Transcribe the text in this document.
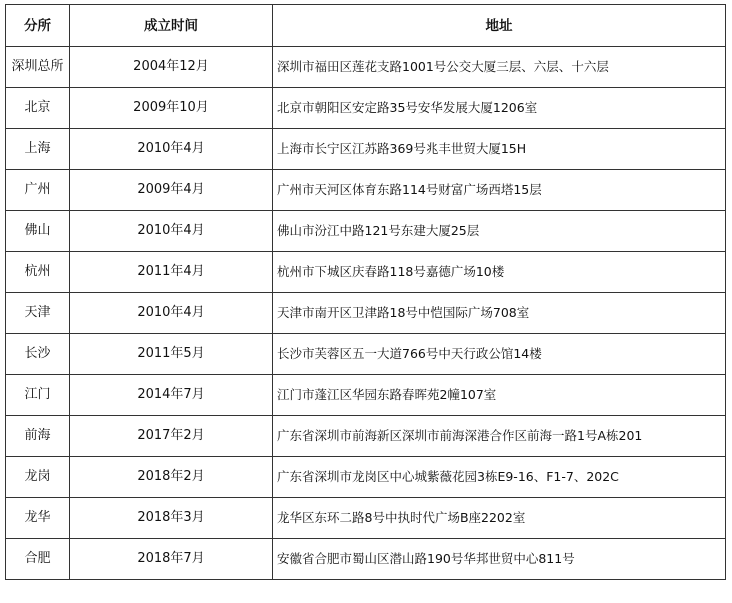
分所	成立时间	地址
深圳总所	2004年12月	深圳市福田区莲花支路1001号公交大厦三层、六层、十六层
北京	2009年10月	北京市朝阳区安定路35号安华发展大厦1206室
上海	2010年4月	上海市长宁区江苏路369号兆丰世贸大厦15H
广州	2009年4月	广州市天河区体育东路114号财富广场西塔15层
佛山	2010年4月	佛山市汾江中路121号东建大厦25层
杭州	2011年4月	杭州市下城区庆春路118号嘉德广场10楼
天津	2010年4月	天津市南开区卫津路18号中恺国际广场708室
长沙	2011年5月	长沙市芙蓉区五一大道766号中天行政公馆14楼
江门	2014年7月	江门市蓬江区华园东路春晖苑2幢107室
前海	2017年2月	广东省深圳市前海新区深圳市前海深港合作区前海一路1号A栋201
龙岗	2018年2月	广东省深圳市龙岗区中心城紫薇花园3栋E9-16、F1-7、202C
龙华	2018年3月	龙华区东环二路8号中执时代广场B座2202室
合肥	2018年7月	安徽省合肥市蜀山区潜山路190号华邦世贸中心811号
